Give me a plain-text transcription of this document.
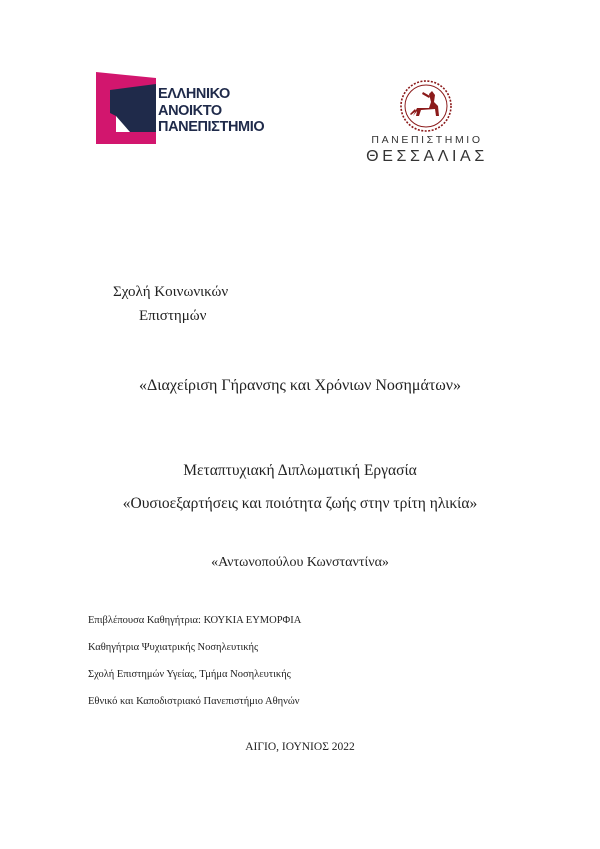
ΕΛΛΗΝΙΚΟ
ΑΝΟΙΚΤΟ
ΠΑΝΕΠΙΣΤΗΜΙΟ
ΠΑΝΕΠΙΣΤΗΜΙΟ
ΘΕΣΣΑΛΙΑΣ
Σχολή Κοινωνικών
Επιστημών
«Διαχείριση Γήρανσης και Χρόνιων Νοσημάτων»
Μεταπτυχιακή Διπλωματική Εργασία
«Ουσιοεξαρτήσεις και ποιότητα ζωής στην τρίτη ηλικία»
«Αντωνοπούλου Κωνσταντίνα»
Επιβλέπουσα Καθηγήτρια: ΚΟΥΚΙΑ ΕΥΜΟΡΦΙΑ
Καθηγήτρια Ψυχιατρικής Νοσηλευτικής
Σχολή Επιστημών Υγείας, Τμήμα Νοσηλευτικής
Εθνικό και Καποδιστριακό Πανεπιστήμιο Αθηνών
ΑΙΓΙΟ, ΙΟΥΝΙΟΣ 2022
